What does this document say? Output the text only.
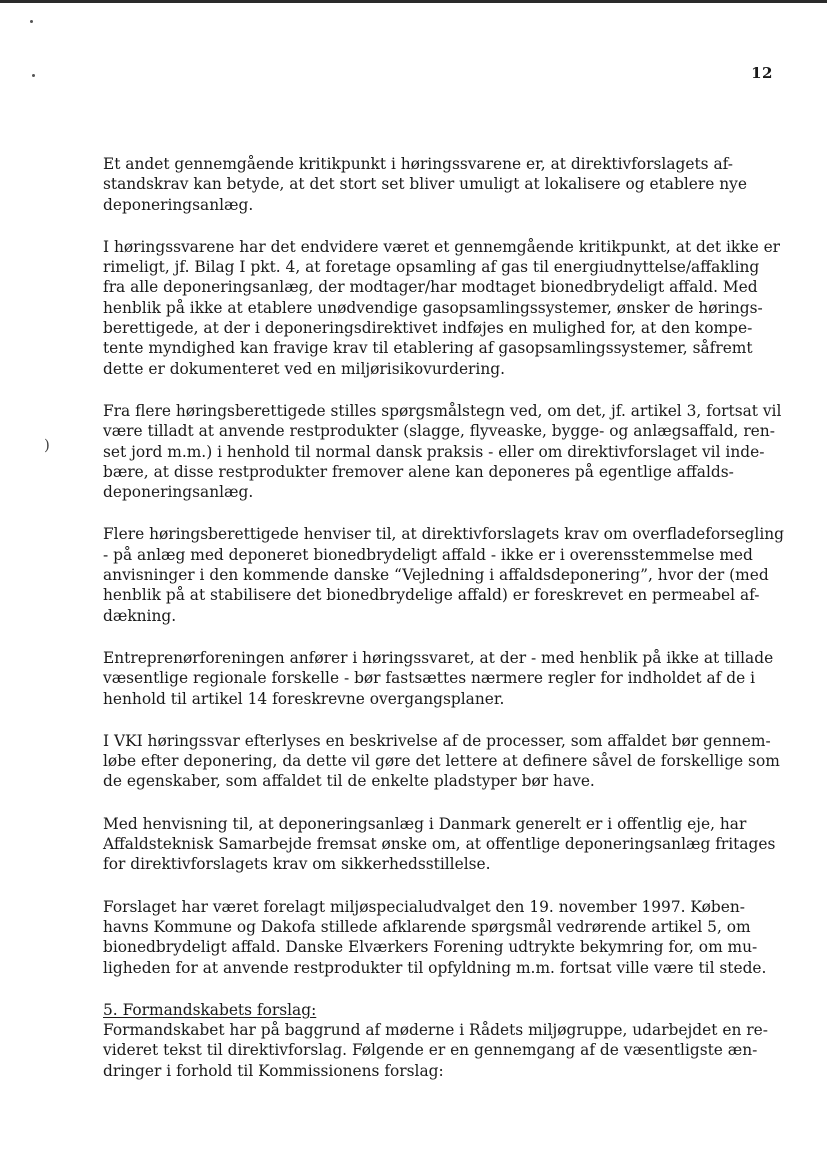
12
)

Et andet gennemgående kritikpunkt i høringssvarene er, at direktivforslagets af-
standskrav kan betyde, at det stort set bliver umuligt at lokalisere og etablere nye
deponeringsanlæg.

I høringssvarene har det endvidere været et gennemgående kritikpunkt, at det ikke er
rimeligt, jf. Bilag I pkt. 4, at foretage opsamling af gas til energiudnyttelse/affakling
fra alle deponeringsanlæg, der modtager/har modtaget bionedbrydeligt affald. Med
henblik på ikke at etablere unødvendige gasopsamlingssystemer, ønsker de hørings-
berettigede, at der i deponeringsdirektivet indføjes en mulighed for, at den kompe-
tente myndighed kan fravige krav til etablering af gasopsamlingssystemer, såfremt
dette er dokumenteret ved en miljørisikovurdering.

Fra flere høringsberettigede stilles spørgsmålstegn ved, om det, jf. artikel 3, fortsat vil
være tilladt at anvende restprodukter (slagge, flyveaske, bygge- og anlægsaffald, ren-
set jord m.m.) i henhold til normal dansk praksis - eller om direktivforslaget vil inde-
bære, at disse restprodukter fremover alene kan deponeres på egentlige affalds-
deponeringsanlæg.

Flere høringsberettigede henviser til, at direktivforslagets krav om overfladeforsegling
- på anlæg med deponeret bionedbrydeligt affald - ikke er i overensstemmelse med
anvisninger i den kommende danske “Vejledning i affaldsdeponering”, hvor der (med
henblik på at stabilisere det bionedbrydelige affald) er foreskrevet en permeabel af-
dækning.

Entreprenørforeningen anfører i høringssvaret, at der - med henblik på ikke at tillade
væsentlige regionale forskelle - bør fastsættes nærmere regler for indholdet af de i
henhold til artikel 14 foreskrevne overgangsplaner.

I VKI høringssvar efterlyses en beskrivelse af de processer, som affaldet bør gennem-
løbe efter deponering, da dette vil gøre det lettere at definere såvel de forskellige som
de egenskaber, som affaldet til de enkelte pladstyper bør have.

Med henvisning til, at deponeringsanlæg i Danmark generelt er i offentlig eje, har
Affaldsteknisk Samarbejde fremsat ønske om, at offentlige deponeringsanlæg fritages
for direktivforslagets krav om sikkerhedsstillelse.

Forslaget har været forelagt miljøspecialudvalget den 19. november 1997. Køben-
havns Kommune og Dakofa stillede afklarende spørgsmål vedrørende artikel 5, om
bionedbrydeligt affald. Danske Elværkers Forening udtrykte bekymring for, om mu-
ligheden for at anvende restprodukter til opfyldning m.m. fortsat ville være til stede.

5. Formandskabets forslag:
Formandskabet har på baggrund af møderne i Rådets miljøgruppe, udarbejdet en re-
videret tekst til direktivforslag. Følgende er en gennemgang af de væsentligste æn-
dringer i forhold til Kommissionens forslag:
